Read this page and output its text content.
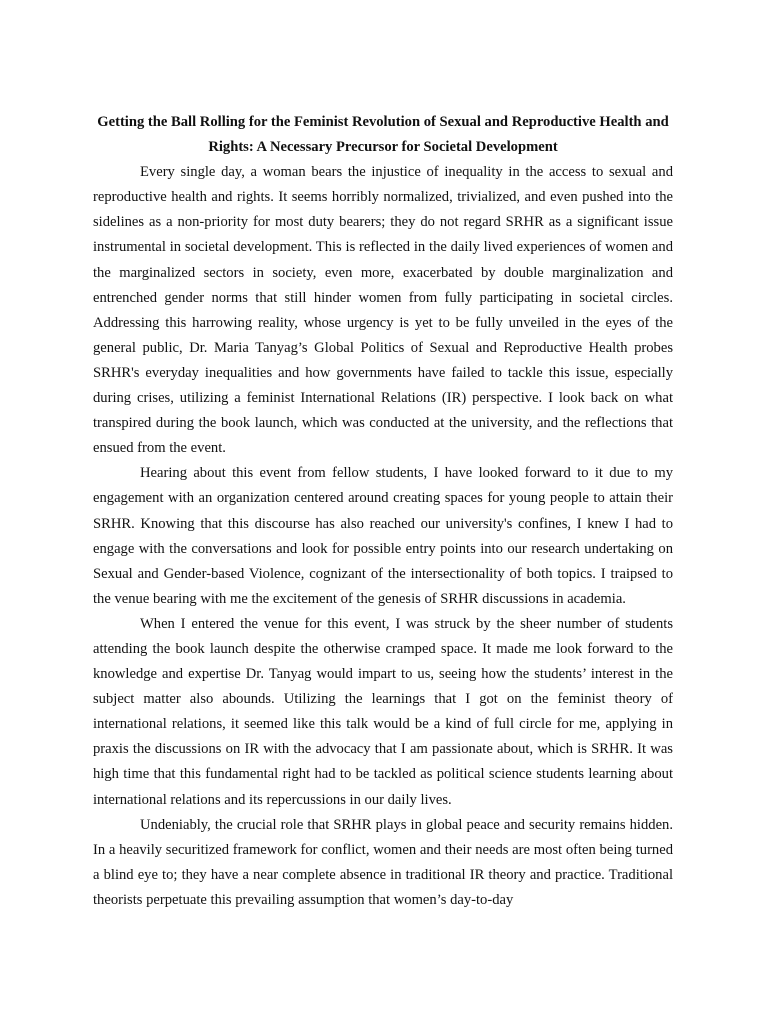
Getting the Ball Rolling for the Feminist Revolution of Sexual and Reproductive Health and Rights: A Necessary Precursor for Societal Development

Every single day, a woman bears the injustice of inequality in the access to sexual and reproductive health and rights. It seems horribly normalized, trivialized, and even pushed into the sidelines as a non-priority for most duty bearers; they do not regard SRHR as a significant issue instrumental in societal development. This is reflected in the daily lived experiences of women and the marginalized sectors in society, even more, exacerbated by double marginalization and entrenched gender norms that still hinder women from fully participating in societal circles. Addressing this harrowing reality, whose urgency is yet to be fully unveiled in the eyes of the general public, Dr. Maria Tanyag’s Global Politics of Sexual and Reproductive Health probes SRHR's everyday inequalities and how governments have failed to tackle this issue, especially during crises, utilizing a feminist International Relations (IR) perspective. I look back on what transpired during the book launch, which was conducted at the university, and the reflections that ensued from the event.

Hearing about this event from fellow students, I have looked forward to it due to my engagement with an organization centered around creating spaces for young people to attain their SRHR. Knowing that this discourse has also reached our university's confines, I knew I had to engage with the conversations and look for possible entry points into our research undertaking on Sexual and Gender-based Violence, cognizant of the intersectionality of both topics. I traipsed to the venue bearing with me the excitement of the genesis of SRHR discussions in academia.

When I entered the venue for this event, I was struck by the sheer number of students attending the book launch despite the otherwise cramped space. It made me look forward to the knowledge and expertise Dr. Tanyag would impart to us, seeing how the students’ interest in the subject matter also abounds. Utilizing the learnings that I got on the feminist theory of international relations, it seemed like this talk would be a kind of full circle for me, applying in praxis the discussions on IR with the advocacy that I am passionate about, which is SRHR. It was high time that this fundamental right had to be tackled as political science students learning about international relations and its repercussions in our daily lives.

Undeniably, the crucial role that SRHR plays in global peace and security remains hidden. In a heavily securitized framework for conflict, women and their needs are most often being turned a blind eye to; they have a near complete absence in traditional IR theory and practice. Traditional theorists perpetuate this prevailing assumption that women’s day-to-day
